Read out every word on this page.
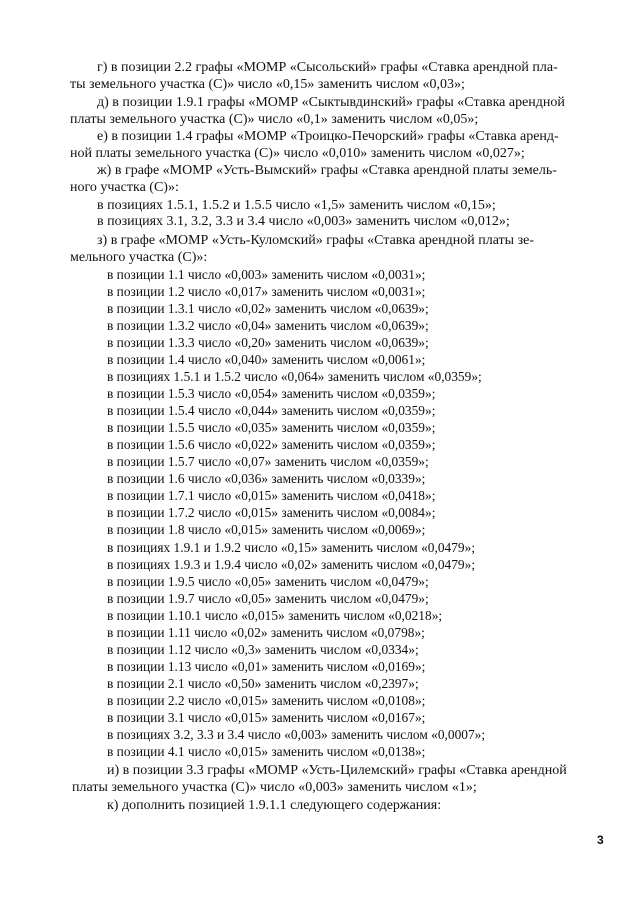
г) в позиции 2.2 графы «МОМР «Сысольский» графы «Ставка арендной пла-
ты земельного участка (С)» число «0,15» заменить числом «0,03»;
д) в позиции 1.9.1 графы «МОМР «Сыктывдинский» графы «Ставка арендной
платы земельного участка (С)» число «0,1» заменить числом «0,05»;
е) в позиции 1.4 графы «МОМР «Троицко-Печорский» графы «Ставка аренд-
ной платы земельного участка (С)» число «0,010» заменить числом «0,027»;
ж) в графе «МОМР «Усть-Вымский» графы «Ставка арендной платы земель-
ного участка (С)»:
в позициях 1.5.1, 1.5.2 и 1.5.5 число «1,5» заменить числом «0,15»;
в позициях 3.1, 3.2, 3.3 и 3.4 число «0,003» заменить числом «0,012»;
з) в графе «МОМР «Усть-Куломский» графы «Ставка арендной платы зе-
мельного участка (С)»:
в позиции 1.1 число «0,003» заменить числом «0,0031»;
в позиции 1.2 число «0,017» заменить числом «0,0031»;
в позиции 1.3.1 число «0,02» заменить числом «0,0639»;
в позиции 1.3.2 число «0,04» заменить числом «0,0639»;
в позиции 1.3.3 число «0,20» заменить числом «0,0639»;
в позиции 1.4 число «0,040» заменить числом «0,0061»;
в позициях 1.5.1 и 1.5.2 число «0,064» заменить числом «0,0359»;
в позиции 1.5.3 число «0,054» заменить числом «0,0359»;
в позиции 1.5.4 число «0,044» заменить числом «0,0359»;
в позиции 1.5.5 число «0,035» заменить числом «0,0359»;
в позиции 1.5.6 число «0,022» заменить числом «0,0359»;
в позиции 1.5.7 число «0,07» заменить числом «0,0359»;
в позиции 1.6 число «0,036» заменить числом «0,0339»;
в позиции 1.7.1 число «0,015» заменить числом «0,0418»;
в позиции 1.7.2 число «0,015» заменить числом «0,0084»;
в позиции 1.8 число «0,015» заменить числом «0,0069»;
в позициях 1.9.1 и 1.9.2 число «0,15» заменить числом «0,0479»;
в позициях 1.9.3 и 1.9.4 число «0,02» заменить числом «0,0479»;
в позиции 1.9.5 число «0,05» заменить числом «0,0479»;
в позиции 1.9.7 число «0,05» заменить числом «0,0479»;
в позиции 1.10.1 число «0,015» заменить числом «0,0218»;
в позиции 1.11 число «0,02» заменить числом «0,0798»;
в позиции 1.12 число «0,3» заменить числом «0,0334»;
в позиции 1.13 число «0,01» заменить числом «0,0169»;
в позиции 2.1 число «0,50» заменить числом «0,2397»;
в позиции 2.2 число «0,015» заменить числом «0,0108»;
в позиции 3.1 число «0,015» заменить числом «0,0167»;
в позициях 3.2, 3.3 и 3.4 число «0,003» заменить числом «0,0007»;
в позиции 4.1 число «0,015» заменить числом «0,0138»;
и) в позиции 3.3 графы «МОМР «Усть-Цилемский» графы «Ставка арендной
платы земельного участка (С)» число «0,003» заменить числом «1»;
к) дополнить позицией 1.9.1.1 следующего содержания:
3
